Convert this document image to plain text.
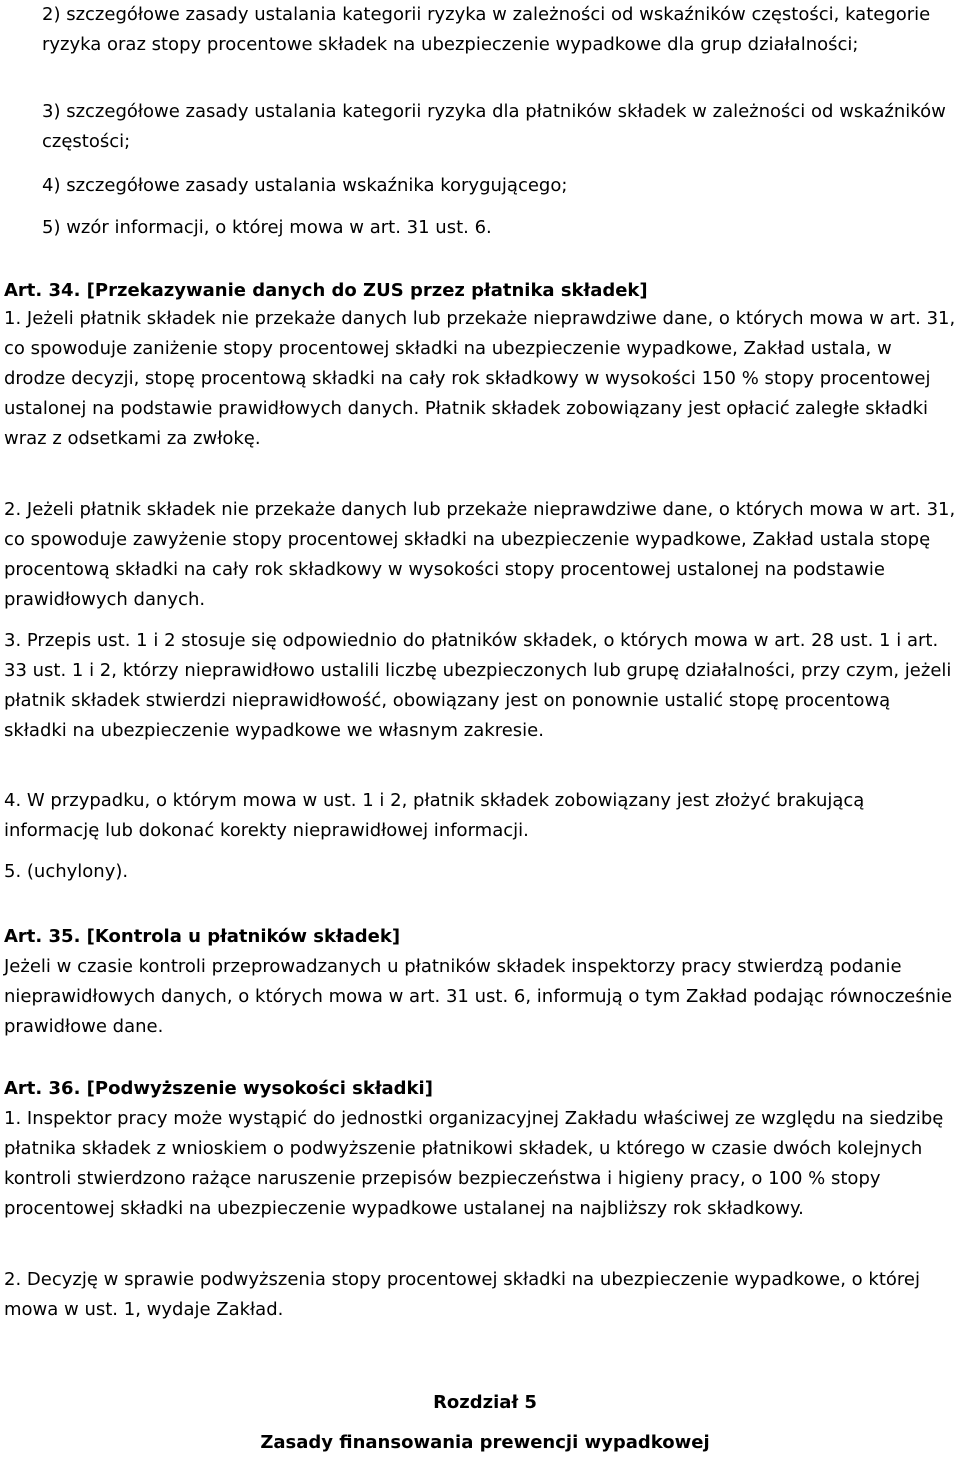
2) szczegółowe zasady ustalania kategorii ryzyka w zależności od wskaźników częstości, kategorie ryzyka oraz stopy procentowe składek na ubezpieczenie wypadkowe dla grup działalności;

3) szczegółowe zasady ustalania kategorii ryzyka dla płatników składek w zależności od wskaźników częstości;

4) szczegółowe zasady ustalania wskaźnika korygującego;

5) wzór informacji, o której mowa w art. 31 ust. 6.

Art. 34. [Przekazywanie danych do ZUS przez płatnika składek]

1. Jeżeli płatnik składek nie przekaże danych lub przekaże nieprawdziwe dane, o których mowa w art. 31, co spowoduje zaniżenie stopy procentowej składki na ubezpieczenie wypadkowe, Zakład ustala, w drodze decyzji, stopę procentową składki na cały rok składkowy w wysokości 150 % stopy procentowej ustalonej na podstawie prawidłowych danych. Płatnik składek zobowiązany jest opłacić zaległe składki wraz z odsetkami za zwłokę.

2. Jeżeli płatnik składek nie przekaże danych lub przekaże nieprawdziwe dane, o których mowa w art. 31, co spowoduje zawyżenie stopy procentowej składki na ubezpieczenie wypadkowe, Zakład ustala stopę procentową składki na cały rok składkowy w wysokości stopy procentowej ustalonej na podstawie prawidłowych danych.

3. Przepis ust. 1 i 2 stosuje się odpowiednio do płatników składek, o których mowa w art. 28 ust. 1 i art. 33 ust. 1 i 2, którzy nieprawidłowo ustalili liczbę ubezpieczonych lub grupę działalności, przy czym, jeżeli płatnik składek stwierdzi nieprawidłowość, obowiązany jest on ponownie ustalić stopę procentową składki na ubezpieczenie wypadkowe we własnym zakresie.

4. W przypadku, o którym mowa w ust. 1 i 2, płatnik składek zobowiązany jest złożyć brakującą informację lub dokonać korekty nieprawidłowej informacji.

5. (uchylony).

Art. 35. [Kontrola u płatników składek]

Jeżeli w czasie kontroli przeprowadzanych u płatników składek inspektorzy pracy stwierdzą podanie nieprawidłowych danych, o których mowa w art. 31 ust. 6, informują o tym Zakład podając równocześnie prawidłowe dane.

Art. 36. [Podwyższenie wysokości składki]

1. Inspektor pracy może wystąpić do jednostki organizacyjnej Zakładu właściwej ze względu na siedzibę płatnika składek z wnioskiem o podwyższenie płatnikowi składek, u którego w czasie dwóch kolejnych kontroli stwierdzono rażące naruszenie przepisów bezpieczeństwa i higieny pracy, o 100 % stopy procentowej składki na ubezpieczenie wypadkowe ustalanej na najbliższy rok składkowy.

2. Decyzję w sprawie podwyższenia stopy procentowej składki na ubezpieczenie wypadkowe, o której mowa w ust. 1, wydaje Zakład.

Rozdział 5

Zasady finansowania prewencji wypadkowej
